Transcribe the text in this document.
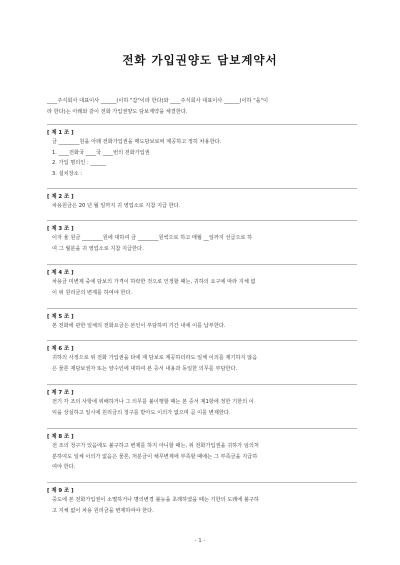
전화 가입권양도 담보계약서
____주식회사 대표이사 ______(이하 "갑"이라 한다)와 ____주식회사 대표이사 ______(이하 "을"이
라 한다)는 아래와 같이 전화 가입권양도 담보계약을 체결한다.
[ 제 1 조 ]
금 ________원을 아래 전화가입권을 매도담보로써 제공하고 정히 차용한다.
1. ____전화국 ____국 ____번의 전화가입권
2. 가입 명의인 : ______
3. 설치장소 :
[ 제 2 조 ]
차용원금은 20 년 월 일까지 귀 영업소로 지참 지급 한다.
[ 제 3 조 ]
이자 율 원금 ________원에 대하여 금 ________원씩으로 하고 매월 __일까지 선급으로 하
여 그 월분을 귀 영업소로 지참 지급한다.
[ 제 4 조 ]
차용금 미변제 중에 담보의 가격이 하락한 것으로 인정할 때는, 귀하의 요구에 따라 지체 없
이 위 원리금의 변제를 하여야 한다.
[ 제 5 조 ]
본 전화에 관한 일체의 전화요금은 본인이 부담하며 기간 내에 이를 납부한다.
[ 제 6 조 ]
귀하의 사정으로 위 전화 가입권을 타에 재 담보로 제공하더라도 일체 이의를 제기하지 않음
은 물론 재담보권자 또는 양수인에 대하여 본 증서 내용과 동일한 의무를 부담한다.
[ 제 7 조 ]
전기 각 조의 사항에 위배하거나 그 의무를 불이행할 때는 본 증서 제1항에 정한 기한의 이
익을 상실하고 일시에 원리금의 청구를 받아도 이의가 없으며 곧 이를 변제한다.
[ 제 8 조 ]
전 조의 청구가 있음에도 불구하고 변제를 하지 아니할 때는, 위 전화가입권을 귀하가 임의처
분하여도 일체 이의가 없음은 물론, 처분금이 채무변제에 부족할 때에는 그 부족금을 지급하
여야 한다.
[ 제 9 조 ]
중도에 본 전화가입권이 소멸하거나 명의변경 불능을 초래하였을 때는 기한의 도래에 불구하
고 지체 없이 차용 원리금을 변제하여야 한다.
- 1 -
